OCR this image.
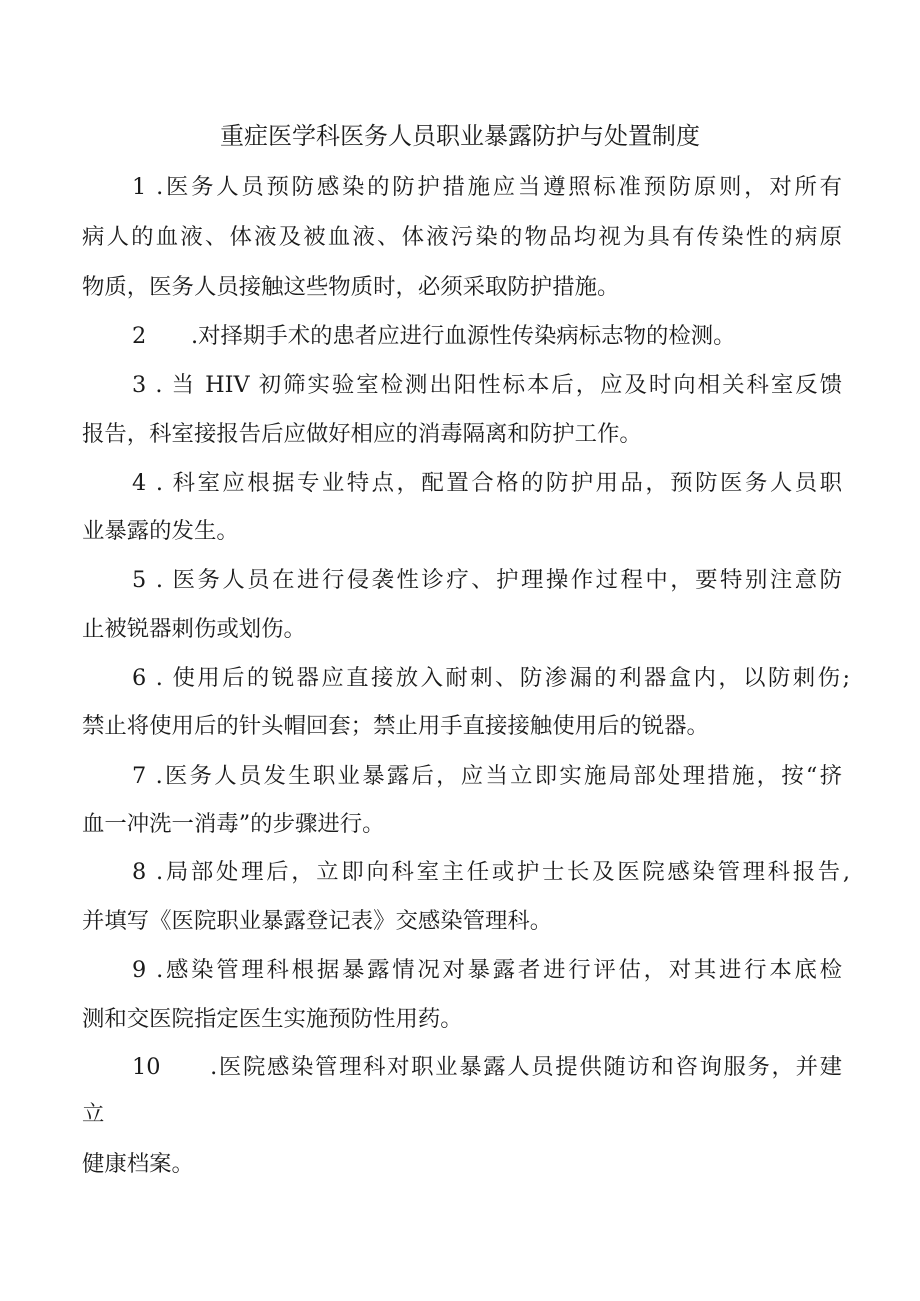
重症医学科医务人员职业暴露防护与处置制度
1 .医务人员预防感染的防护措施应当遵照标准预防原则，对所有
病人的血液、体液及被血液、体液污染的物品均视为具有传染性的病原
物质，医务人员接触这些物质时，必须采取防护措施。
2　　.对择期手术的患者应进行血源性传染病标志物的检测。
3 . 当 HIV 初筛实验室检测出阳性标本后，应及时向相关科室反馈
报告，科室接报告后应做好相应的消毒隔离和防护工作。
4 . 科室应根据专业特点，配置合格的防护用品，预防医务人员职
业暴露的发生。
5 . 医务人员在进行侵袭性诊疗、护理操作过程中，要特别注意防
止被锐器刺伤或划伤。
6 . 使用后的锐器应直接放入耐刺、防渗漏的利器盒内，以防刺伤;
禁止将使用后的针头帽回套；禁止用手直接接触使用后的锐器。
7 .医务人员发生职业暴露后，应当立即实施局部处理措施，按“挤
血一冲洗一消毒”的步骤进行。
8 .局部处理后，立即向科室主任或护士长及医院感染管理科报告,
并填写《医院职业暴露登记表》交感染管理科。
9 .感染管理科根据暴露情况对暴露者进行评估，对其进行本底检
测和交医院指定医生实施预防性用药。
10　　.医院感染管理科对职业暴露人员提供随访和咨询服务，并建
立
健康档案。
